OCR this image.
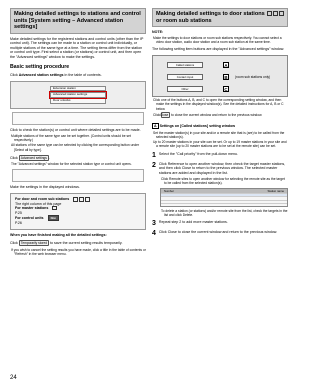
Making detailed settings to stations and control units [System setting – Advanced station settings]
Make detailed settings for the registered stations and control units (other than the IP control unit). The settings can be made to a station or control unit individually, or multiple stations of the same type at a time. The setting items differ from the station or control unit type. First select a station (or stations) or control unit, and then open the "Advanced settings" window to make the settings.
Basic setting procedure
Click Advanced station settings in the table of contents.
Extension station
Advanced station settings
Door unlocks
Click to check the station(s) or control unit where detailed settings are to be made.
Multiple stations of the same type can be set together. (Control units should be set respectively.)
All stations of the same type can be selected by clicking the corresponding button under [Select all by type].
Click Advanced settings .
The "Advanced settings" window for the selected station type or control unit opens.
Make the settings in the displayed windows.
For door and room sub stations
The right column of this page
For master stations
P.25
For control units	Nnn
P.26
When you have finished making all the detailed settings:
Click Temporarily stored to save the current setting results temporarily.
If you wish to cancel the setting results you have made, click a title in the table of contents or "Refresh" in the web browser menu.
Making detailed settings to door stations or room sub stations
NOTE:
Make the settings to door stations or room sub stations respectively. You cannot select a video door station, audio door station and a room sub station at the same time.
The following setting item buttons are displayed in the "Advanced settings" window.
Called stations
Contact input
Other
A
B	(room sub stations only)
C
Click one of the buttons A, B, and C to open the corresponding setting window, and then make the settings in the displayed window(s). See the detailed instructions for A, B or C below.
Click Close to close the current window and return to the previous window.
A Settings on [Called stations] setting window
Set the master station(s) in your site and/or a remote site that is (are) to be called from the selected station(s).
Up to 20 master stations in your site can be set. Or up to 19 master stations in your site and a remote site (up to 20 master stations are to be set at the remote site) can be set.
1 Select the "Call priority" from the pull-down menu.
2 Click Reference to open another window, then check the target master stations, and then click Close to return to the previous window. The selected master stations are added and displayed in the list.
Click Remote sites to open another window for selecting the remote site as the target to be called from the selected station(s).
Number	Station name
To delete a station (or stations) and/or remote site from the list, check the targets in the list and click Delete.
3 Repeat step 2 to add more master stations.
4 Click Close to close the current window and return to the previous window.
24
